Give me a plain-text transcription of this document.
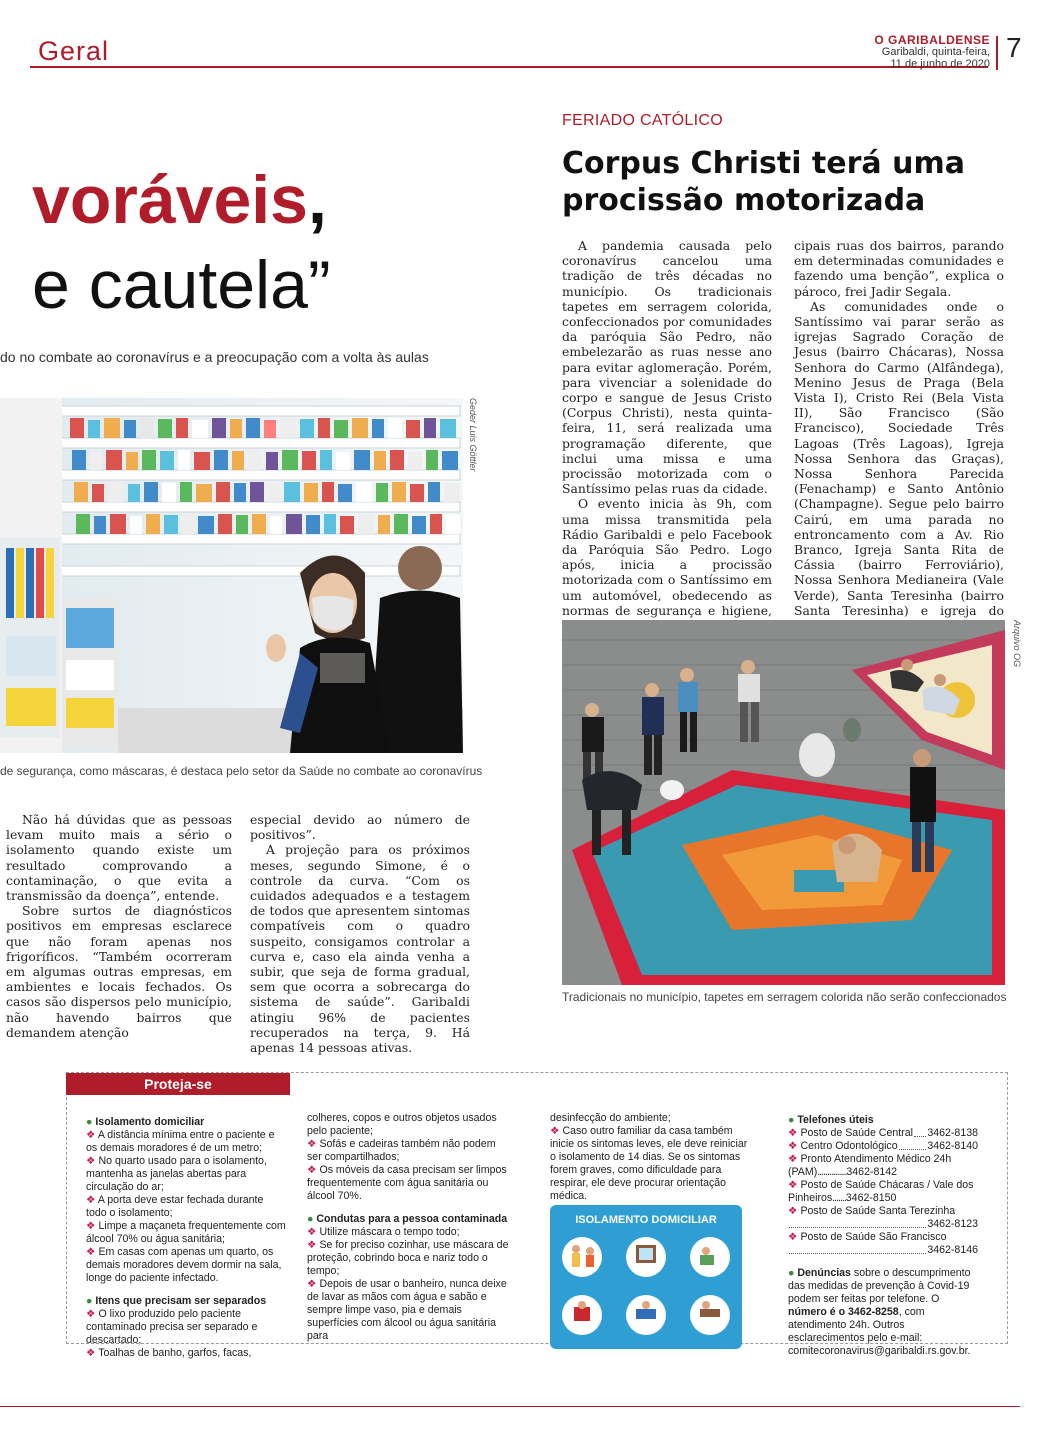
Geral	O GARIBALDENSE
Garibaldi, quinta-feira,
11 de junho de 2020
7
voráveis,
e cautela”
do no combate ao coronavírus e a preocupação com a volta às aulas
Geder Luis Göttler
de segurança, como máscaras, é destaca pelo setor da Saúde no combate ao coronavírus

Não há dúvidas que as pessoas levam muito mais a sério o isolamento quando existe um resultado comprovando a contaminação, o que evita a transmissão da doença”, entende.

Sobre surtos de diagnósticos positivos em empresas esclarece que não foram apenas nos frigoríficos. “Também ocorreram em algumas outras empresas, em ambientes e locais fechados. Os casos são dispersos pelo município, não havendo bairros que demandem atenção

especial devido ao número de positivos”.

A projeção para os próximos meses, segundo Simone, é o controle da curva. “Com os cuidados adequados e a testagem de todos que apresentem sintomas compatíveis com o quadro suspeito, consigamos controlar a curva e, caso ela ainda venha a subir, que seja de forma gradual, sem que ocorra a sobrecarga do sistema de saúde”. Garibaldi atingiu 96% de pacientes recuperados na terça, 9. Há apenas 14 pessoas ativas.

FERIADO CATÓLICO
Corpus Christi terá uma procissão motorizada

A pandemia causada pelo coronavírus cancelou uma tradição de três décadas no município. Os tradicionais tapetes em serragem colorida, confeccionados por comunidades da paróquia São Pedro, não embelezarão as ruas nesse ano para evitar aglomeração. Porém, para vivenciar a solenidade do corpo e sangue de Jesus Cristo (Corpus Christi), nesta quinta-feira, 11, será realizada uma programação diferente, que inclui uma missa e uma procissão motorizada com o Santíssimo pelas ruas da cidade.

O evento inicia às 9h, com uma missa transmitida pela Rádio Garibaldi e pelo Facebook da Paróquia São Pedro. Logo após, inicia a procissão motorizada com o Santíssimo em um automóvel, obedecendo as normas de segurança e higiene,

cipais ruas dos bairros, parando em determinadas comunidades e fazendo uma benção”, explica o pároco, frei Jadir Segala.

As comunidades onde o Santíssimo vai parar serão as igrejas Sagrado Coração de Jesus (bairro Chácaras), Nossa Senhora do Carmo (Alfândega), Menino Jesus de Praga (Bela Vista I), Cristo Rei (Bela Vista II), São Francisco (São Francisco), Sociedade Três Lagoas (Três Lagoas), Igreja Nossa Senhora das Graças), Nossa Senhora Parecida (Fenachamp) e Santo Antônio (Champagne). Segue pelo bairro Cairú, em uma parada no entroncamento com a Av. Rio Branco, Igreja Santa Rita de Cássia (bairro Ferroviário), Nossa Senhora Medianeira (Vale Verde), Santa Teresinha (bairro Santa Teresinha) e igreja do

Arquivo OG
Tradicionais no município, tapetes em serragem colorida não serão confeccionados
Proteja-se
● Isolamento domiciliar

❖ A distância mínima entre o paciente e os demais moradores é de um metro;

❖ No quarto usado para o isolamento, mantenha as janelas abertas para circulação do ar;

❖ A porta deve estar fechada durante todo o isolamento;

❖ Limpe a maçaneta frequentemente com álcool 70% ou água sanitária;

❖ Em casas com apenas um quarto, os demais moradores devem dormir na sala, longe do paciente infectado.

● Itens que precisam ser separados

❖ O lixo produzido pelo paciente contaminado precisa ser separado e descartado;

❖ Toalhas de banho, garfos, facas,

colheres, copos e outros objetos usados pelo paciente;

❖ Sofás e cadeiras também não podem ser compartilhados;

❖ Os móveis da casa precisam ser limpos frequentemente com água sanitária ou álcool 70%.

● Condutas para a pessoa contaminada

❖ Utilize máscara o tempo todo;

❖ Se for preciso cozinhar, use máscara de proteção, cobrindo boca e nariz todo o tempo;

❖ Depois de usar o banheiro, nunca deixe de lavar as mãos com água e sabão e sempre limpe vaso, pia e demais superfícies com álcool ou água sanitária para

desinfecção do ambiente;

❖ Caso outro familiar da casa também inicie os sintomas leves, ele deve reiniciar o isolamento de 14 dias. Se os sintomas forem graves, como dificuldade para respirar, ele deve procurar orientação médica.

ISOLAMENTO DOMICILIAR
● Telefones úteis
❖ Posto de Saúde Central 3462-8138
❖ Centro Odontológico	3462-8140
❖ Pronto Atendimento Médico 24h (PAM)...............3462-8142
❖ Posto de Saúde Chácaras / Vale dos Pinheiros.......3462-8150
❖ Posto de Saúde Santa Terezinha
3462-8123
❖ Posto de Saúde São Francisco
3462-8146

● Denúncias sobre o descumprimento das medidas de prevenção à Covid-19 podem ser feitas por telefone. O número é o 3462-8258, com atendimento 24h. Outros esclarecimentos pelo e-mail: comitecoronavirus@garibaldi.rs.gov.br.
